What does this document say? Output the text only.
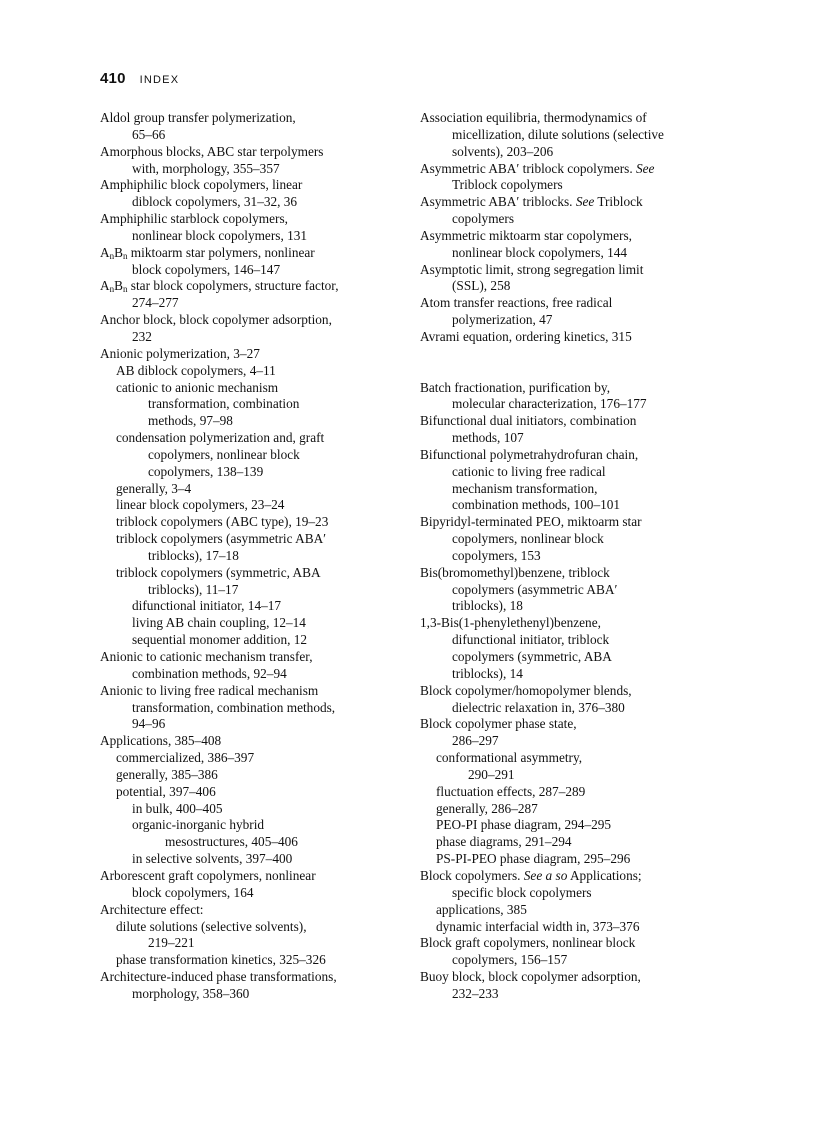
410 INDEX
Aldol group transfer polymerization,
65–66
Amorphous blocks, ABC star terpolymers
with, morphology, 355–357
Amphiphilic block copolymers, linear
diblock copolymers, 31–32, 36
Amphiphilic starblock copolymers,
nonlinear block copolymers, 131
$A_nB_n$ miktoarm star polymers, nonlinear
block copolymers, 146–147
$A_nB_n$ star block copolymers, structure factor,
274–277
Anchor block, block copolymer adsorption,
232
Anionic polymerization, 3–27
AB diblock copolymers, 4–11
cationic to anionic mechanism
transformation, combination
methods, 97–98
condensation polymerization and, graft
copolymers, nonlinear block
copolymers, 138–139
generally, 3–4
linear block copolymers, 23–24
triblock copolymers (ABC type), 19–23
triblock copolymers (asymmetric ABA′
triblocks), 17–18
triblock copolymers (symmetric, ABA
triblocks), 11–17
difunctional initiator, 14–17
living AB chain coupling, 12–14
sequential monomer addition, 12
Anionic to cationic mechanism transfer,
combination methods, 92–94
Anionic to living free radical mechanism
transformation, combination methods,
94–96
Applications, 385–408
commercialized, 386–397
generally, 385–386
potential, 397–406
in bulk, 400–405
organic-inorganic hybrid
mesostructures, 405–406
in selective solvents, 397–400
Arborescent graft copolymers, nonlinear
block copolymers, 164
Architecture effect:
dilute solutions (selective solvents),
219–221
phase transformation kinetics, 325–326
Architecture-induced phase transformations,
morphology, 358–360
Association equilibria, thermodynamics of
micellization, dilute solutions (selective
solvents), 203–206
Asymmetric ABA′ triblock copolymers. See
Triblock copolymers
Asymmetric ABA′ triblocks. See Triblock
copolymers
Asymmetric miktoarm star copolymers,
nonlinear block copolymers, 144
Asymptotic limit, strong segregation limit
(SSL), 258
Atom transfer reactions, free radical
polymerization, 47
Avrami equation, ordering kinetics, 315
Batch fractionation, purification by,
molecular characterization, 176–177
Bifunctional dual initiators, combination
methods, 107
Bifunctional polymetrahydrofuran chain,
cationic to living free radical
mechanism transformation,
combination methods, 100–101
Bipyridyl-terminated PEO, miktoarm star
copolymers, nonlinear block
copolymers, 153
Bis(bromomethyl)benzene, triblock
copolymers (asymmetric ABA′
triblocks), 18
1,3-Bis(1-phenylethenyl)benzene,
difunctional initiator, triblock
copolymers (symmetric, ABA
triblocks), 14
Block copolymer/homopolymer blends,
dielectric relaxation in, 376–380
Block copolymer phase state,
286–297
conformational asymmetry,
290–291
fluctuation effects, 287–289
generally, 286–287
PEO-PI phase diagram, 294–295
phase diagrams, 291–294
PS-PI-PEO phase diagram, 295–296
Block copolymers. See a so Applications;
specific block copolymers
applications, 385
dynamic interfacial width in, 373–376
Block graft copolymers, nonlinear block
copolymers, 156–157
Buoy block, block copolymer adsorption,
232–233
